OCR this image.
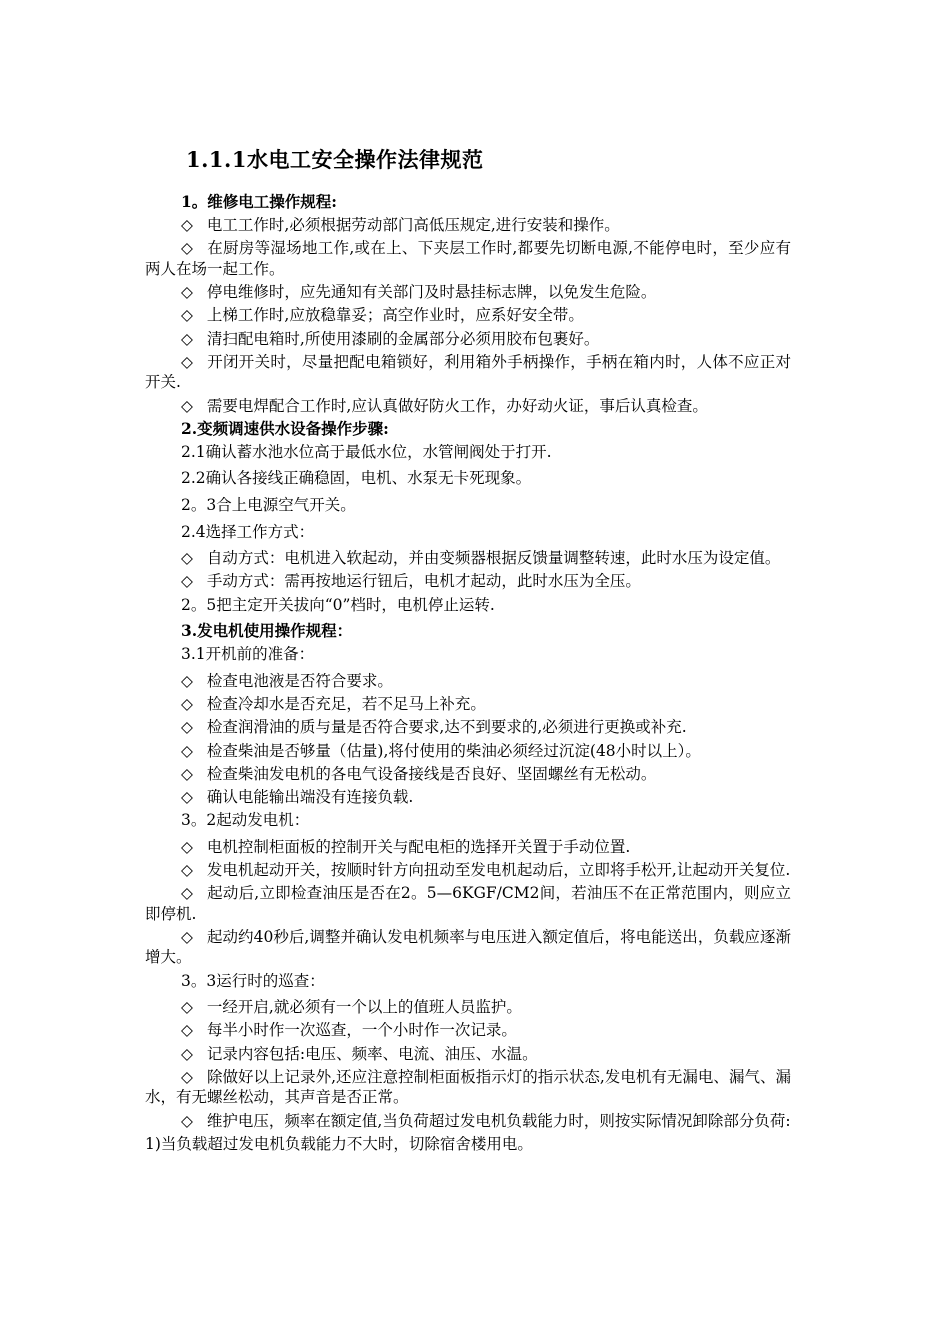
1.1.1水电工安全操作法律规范
1。维修电工操作规程:
◇ 电工工作时,必须根据劳动部门高低压规定,进行安装和操作。
◇ 在厨房等湿场地工作,或在上、下夹层工作时,都要先切断电源,不能停电时，至少应有两人在场一起工作。
◇ 停电维修时，应先通知有关部门及时悬挂标志牌，以免发生危险。
◇ 上梯工作时,应放稳靠妥；高空作业时，应系好安全带。
◇ 清扫配电箱时,所使用漆刷的金属部分必须用胶布包裹好。
◇ 开闭开关时，尽量把配电箱锁好，利用箱外手柄操作，手柄在箱内时，人体不应正对开关.
◇ 需要电焊配合工作时,应认真做好防火工作，办好动火证，事后认真检查。
2.变频调速供水设备操作步骤:
2.1确认蓄水池水位高于最低水位，水管闸阀处于打开.
2.2确认各接线正确稳固，电机、水泵无卡死现象。
2。3合上电源空气开关。
2.4选择工作方式：
◇ 自动方式：电机进入软起动，并由变频器根据反馈量调整转速，此时水压为设定值。
◇ 手动方式：需再按地运行钮后，电机才起动，此时水压为全压。
2。5把主定开关拔向“0”档时，电机停止运转.
3.发电机使用操作规程：
3.1开机前的准备：
◇ 检查电池液是否符合要求。
◇ 检查冷却水是否充足，若不足马上补充。
◇ 检查润滑油的质与量是否符合要求,达不到要求的,必须进行更换或补充.
◇ 检查柴油是否够量（估量),将付使用的柴油必须经过沉淀(48小时以上）。
◇ 检查柴油发电机的各电气设备接线是否良好、坚固螺丝有无松动。
◇ 确认电能输出端没有连接负载.
3。2起动发电机：
◇ 电机控制柜面板的控制开关与配电柜的选择开关置于手动位置.
◇ 发电机起动开关，按顺时针方向扭动至发电机起动后，立即将手松开,让起动开关复位.
◇ 起动后,立即检查油压是否在2。5—6KGF/CM2间，若油压不在正常范围内，则应立即停机.
◇ 起动约40秒后,调整并确认发电机频率与电压进入额定值后，将电能送出，负载应逐渐增大。
3。3运行时的巡查：
◇ 一经开启,就必须有一个以上的值班人员监护。
◇ 每半小时作一次巡查，一个小时作一次记录。
◇ 记录内容包括:电压、频率、电流、油压、水温。
◇ 除做好以上记录外,还应注意控制柜面板指示灯的指示状态,发电机有无漏电、漏气、漏水，有无螺丝松动，其声音是否正常。
◇ 维护电压，频率在额定值,当负荷超过发电机负载能力时，则按实际情况卸除部分负荷:
1)当负载超过发电机负载能力不大时，切除宿舍楼用电。
